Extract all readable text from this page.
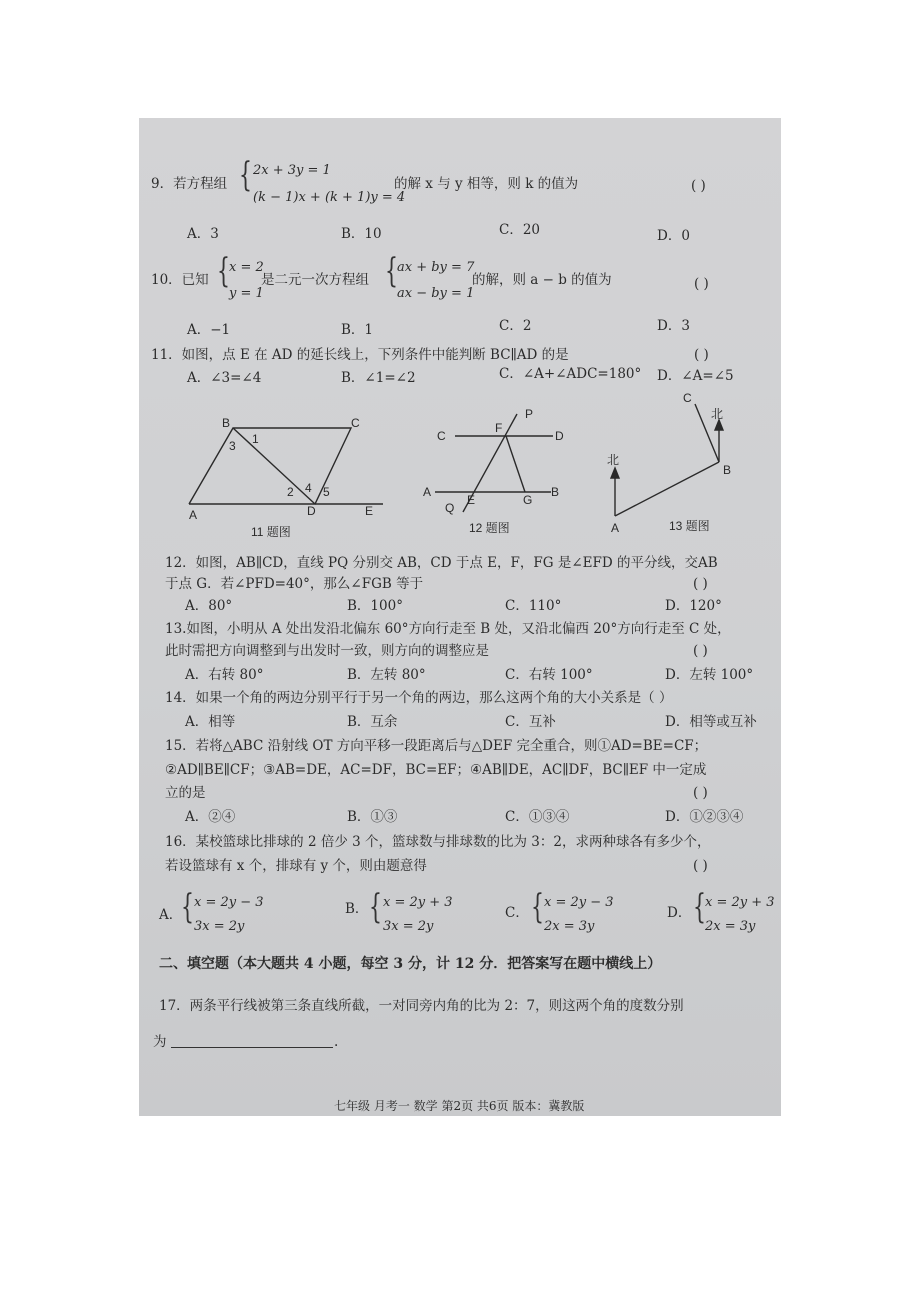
9．若方程组 { 2x + 3y = 1
(k − 1)x + (k + 1)y = 4
的解 x 与 y 相等，则 k 的值为	( )
A．3	B．10	C．20	D．0
10．已知 { x = 2
y = 1
是二元一次方程组 { ax + by = 7
ax − by = 1
的解，则 a − b 的值为	( )
A．−1	B．1	C．2	D．3
11．如图，点 E 在 AD 的延长线上，下列条件中能判断 BC∥AD 的是	( )
A．∠3=∠4	B．∠1=∠2	C．∠A+∠ADC=180° D．∠A=∠5
B	C
3 1
2 4 5
A	D	E
11 题图
P
C
F
D
A
Q
E	G
B
12 题图
C
北
北
B
A	13 题图
12．如图，AB∥CD，直线 PQ 分别交 AB，CD 于点 E，F，FG 是∠EFD 的平分线，交AB
于点 G．若∠PFD=40°，那么∠FGB 等于	( )
A．80°	B．100°	C．110°	D．120°
13.如图，小明从 A 处出发沿北偏东 60°方向行走至 B 处，又沿北偏西 20°方向行走至 C 处，
此时需把方向调整到与出发时一致，则方向的调整应是	( )
A．右转 80°	B．左转 80°	C．右转 100°	D．左转 100°
14．如果一个角的两边分别平行于另一个角的两边，那么这两个角的大小关系是（ ）
A．相等	B．互余	C．互补	D．相等或互补
15．若将△ABC 沿射线 OT 方向平移一段距离后与△DEF 完全重合，则①AD=BE=CF；
②AD∥BE∥CF；③AB=DE，AC=DF，BC=EF；④AB∥DE，AC∥DF，BC∥EF 中一定成
立的是	( )
A．②④	B．①③	C．①③④	D．①②③④
16．某校篮球比排球的 2 倍少 3 个，篮球数与排球数的比为 3：2，求两种球各有多少个，
若设篮球有 x 个，排球有 y 个，则由题意得	( )
A．
{ x = 2y − 3
3x = 2y
B． { x = 2y + 3
3x = 2y
C． { x = 2y − 3
2x = 3y
D． { x = 2y + 3
2x = 3y
二、填空题（本大题共 4 小题，每空 3 分，计 12 分．把答案写在题中横线上）
17．两条平行线被第三条直线所截，一对同旁内角的比为 2：7，则这两个角的度数分别
为	.
七年级 月考一 数学 第2页 共6页 版本：冀教版
